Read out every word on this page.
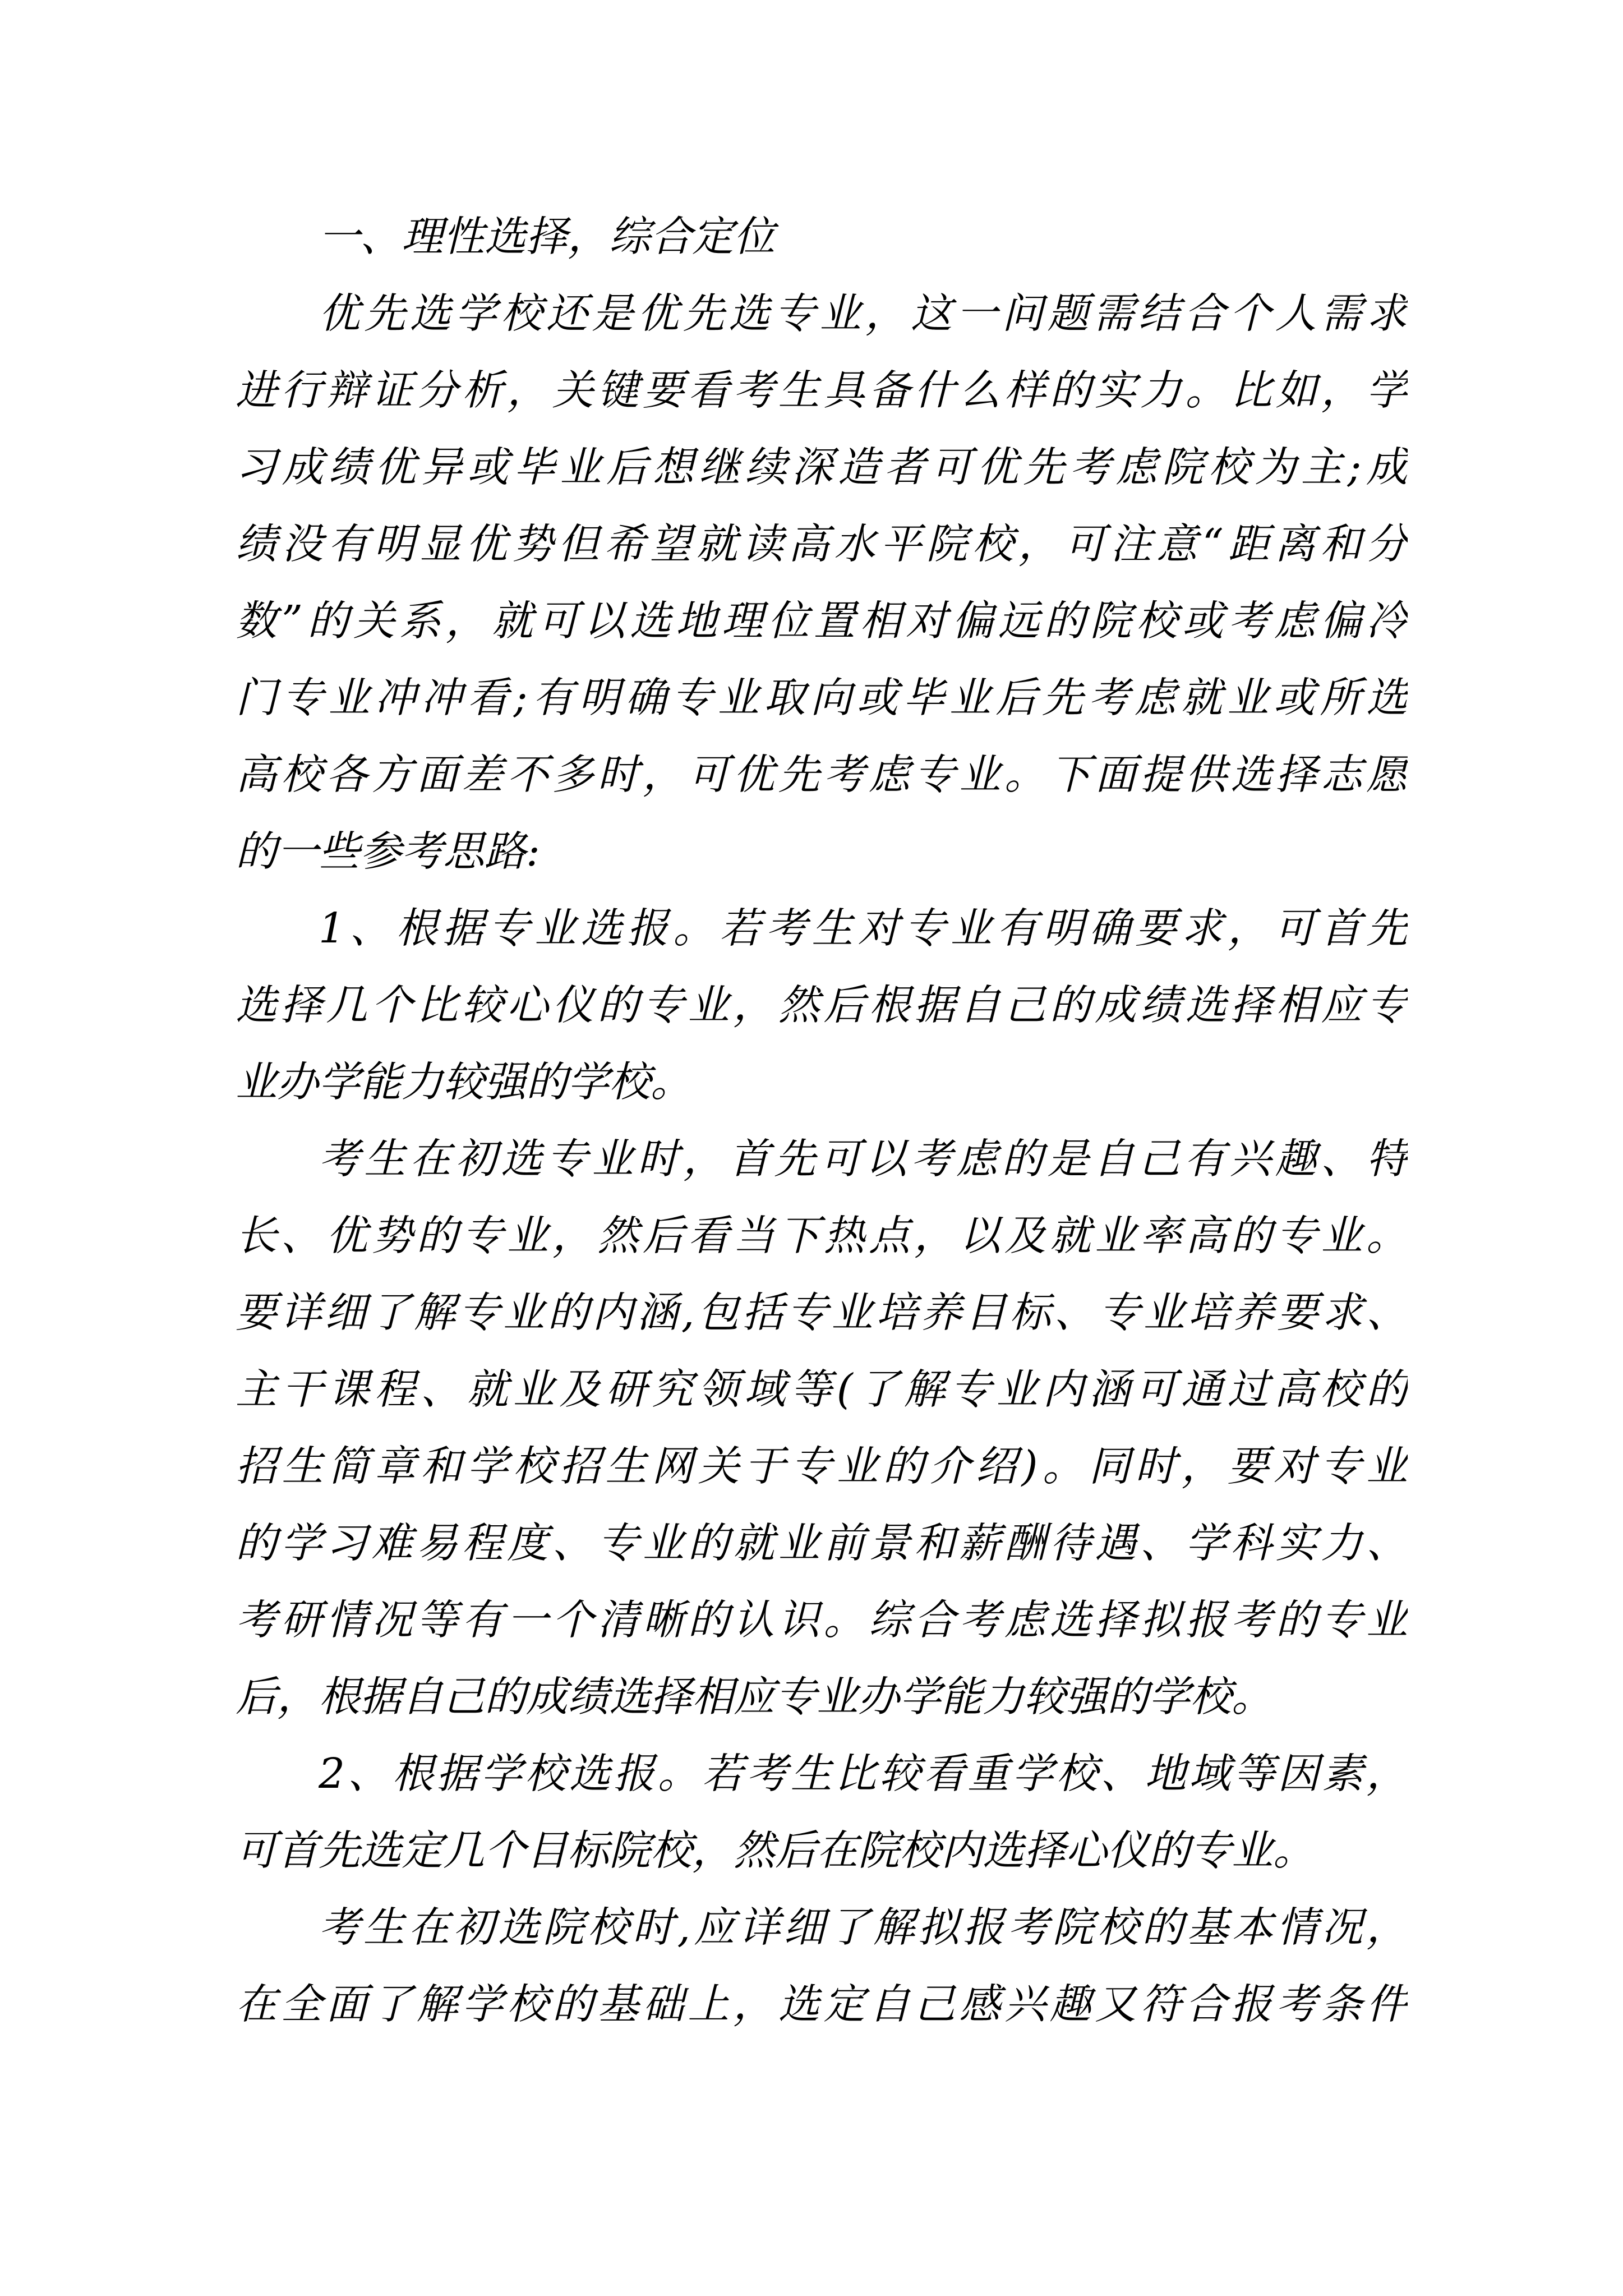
一、理性选择，综合定位
优先选学校还是优先选专业，这一问题需结合个人需求
进行辩证分析，关键要看考生具备什么样的实力。比如，学
习成绩优异或毕业后想继续深造者可优先考虑院校为主;成
绩没有明显优势但希望就读高水平院校，可注意“距离和分
数”的关系，就可以选地理位置相对偏远的院校或考虑偏冷
门专业冲冲看;有明确专业取向或毕业后先考虑就业或所选
高校各方面差不多时，可优先考虑专业。下面提供选择志愿
的一些参考思路:
1、根据专业选报。若考生对专业有明确要求，可首先
选择几个比较心仪的专业，然后根据自己的成绩选择相应专
业办学能力较强的学校。
考生在初选专业时，首先可以考虑的是自己有兴趣、特
长、优势的专业，然后看当下热点，以及就业率高的专业。
要详细了解专业的内涵,包括专业培养目标、专业培养要求、
主干课程、就业及研究领域等(了解专业内涵可通过高校的
招生简章和学校招生网关于专业的介绍)。同时，要对专业
的学习难易程度、专业的就业前景和薪酬待遇、学科实力、
考研情况等有一个清晰的认识。综合考虑选择拟报考的专业
后，根据自己的成绩选择相应专业办学能力较强的学校。
2、根据学校选报。若考生比较看重学校、地域等因素，
可首先选定几个目标院校，然后在院校内选择心仪的专业。
考生在初选院校时,应详细了解拟报考院校的基本情况，
在全面了解学校的基础上，选定自己感兴趣又符合报考条件
